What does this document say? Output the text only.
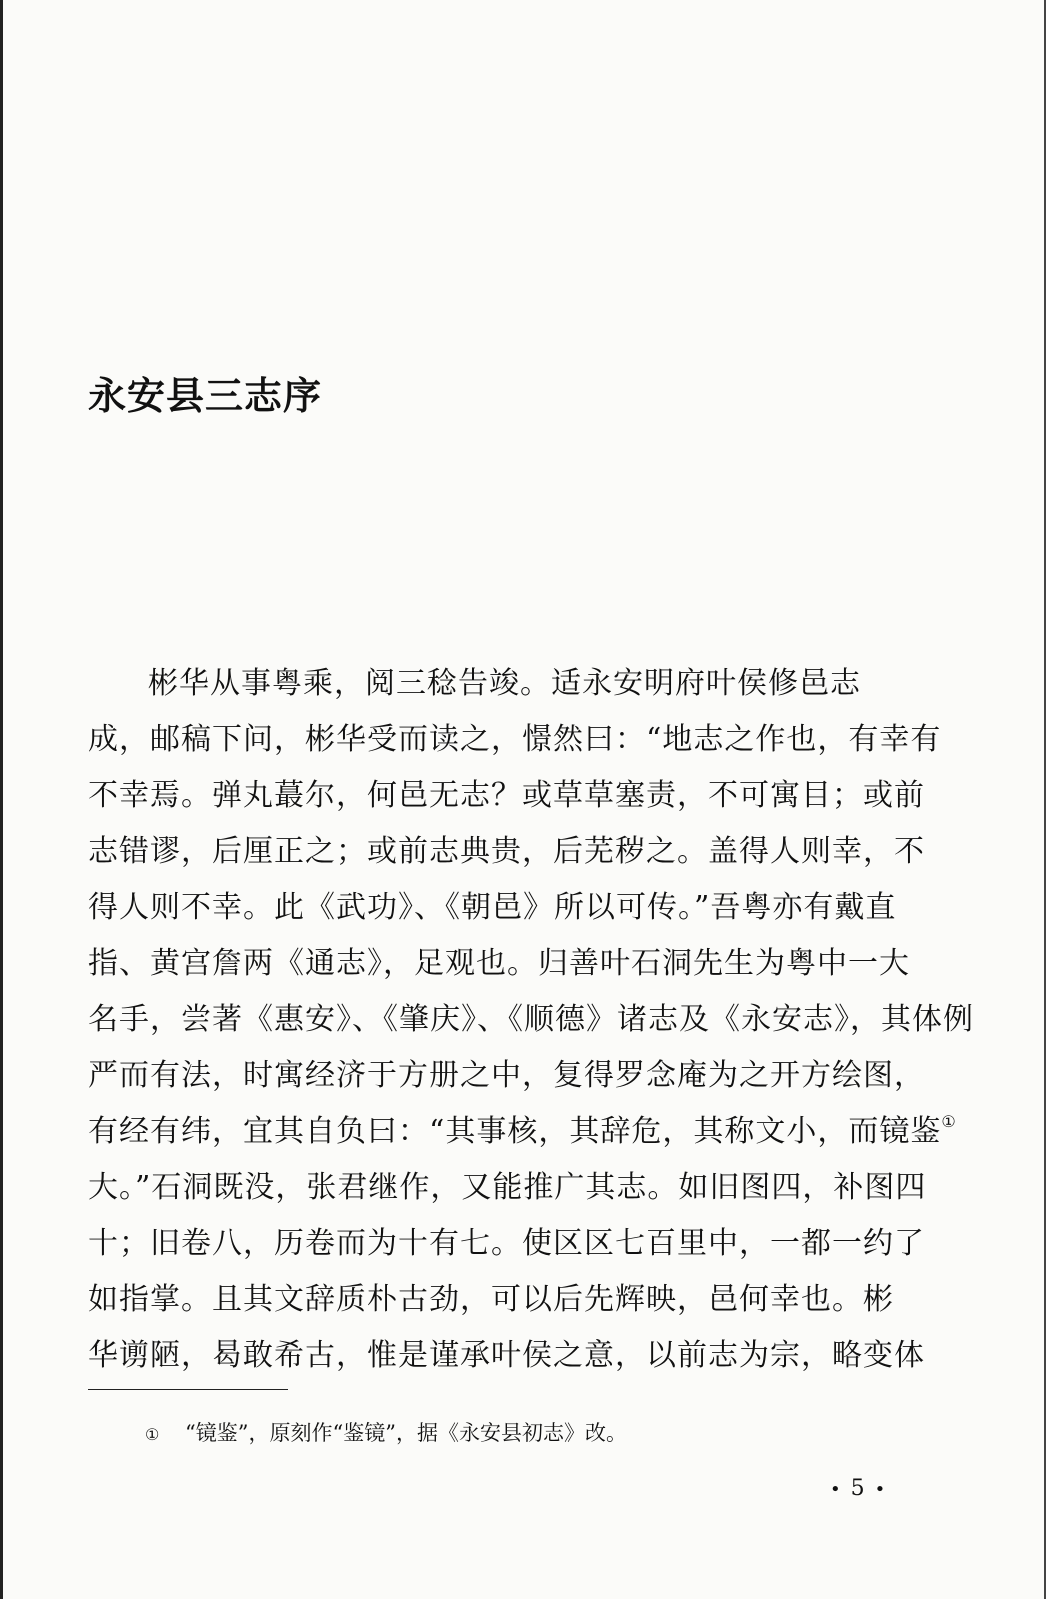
永安县三志序
彬华从事粤乘，阅三稔告竣。适永安明府叶侯修邑志
成，邮稿下问，彬华受而读之，憬然曰：“地志之作也，有幸有
不幸焉。弹丸蕞尔，何邑无志？或草草塞责，不可寓目；或前
志错谬，后厘正之；或前志典贵，后芜秽之。盖得人则幸，不
得人则不幸。此《武功》、《朝邑》所以可传。”吾粤亦有戴直
指、黄宫詹两《通志》，足观也。归善叶石洞先生为粤中一大
名手，尝著《惠安》、《肇庆》、《顺德》诸志及《永安志》，其体例
严而有法，时寓经济于方册之中，复得罗念庵为之开方绘图，
有经有纬，宜其自负曰：“其事核，其辞危，其称文小，而镜鉴①
大。”石洞既没，张君继作，又能推广其志。如旧图四，补图四
十；旧卷八，历卷而为十有七。使区区七百里中，一都一约了
如指掌。且其文辞质朴古劲，可以后先辉映，邑何幸也。彬
华谫陋，曷敢希古，惟是谨承叶侯之意，以前志为宗，略变体
① “镜鉴”，原刻作“鉴镜”，据《永安县初志》改。
• 5 •
